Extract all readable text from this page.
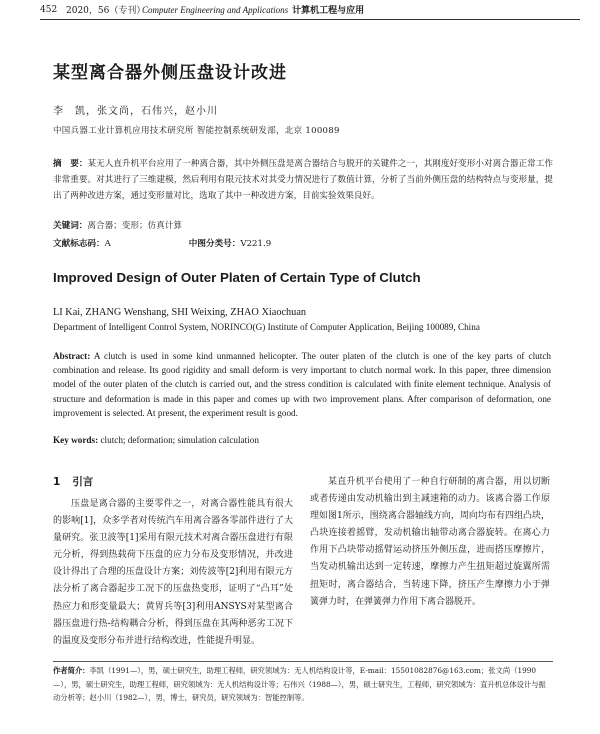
452 2020，56（专刊）
Computer Engineering and Applications 计算机工程与应用
某型离合器外侧压盘设计改进
李　凯，张文尚，石伟兴，赵小川
中国兵器工业计算机应用技术研究所 智能控制系统研发部，北京 100089
摘　要：某无人直升机平台应用了一种离合器，其中外侧压盘是离合器结合与脱开的关键件之一，其刚度好变形小对离合器正常工作非常重要。对其进行了三维建模，然后利用有限元技术对其受力情况进行了数值计算，分析了当前外侧压盘的结构特点与变形量，提出了两种改进方案，通过变形量对比，选取了其中一种改进方案，目前实验效果良好。
关键词：离合器；变形；仿真计算
文献标志码：A	中图分类号：V221.9
Improved Design of Outer Platen of Certain Type of Clutch
LI Kai, ZHANG Wenshang, SHI Weixing, ZHAO Xiaochuan
Department of Intelligent Control System, NORINCO(G) Institute of Computer Application, Beijing 100089, China
Abstract: A clutch is used in some kind unmanned helicopter. The outer platen of the clutch is one of the key parts of clutch combination and release. Its good rigidity and small deform is very important to clutch normal work. In this paper, three dimension model of the outer platen of the clutch is carried out, and the stress condition is calculated with finite element technique. Analysis of structure and deformation is made in this paper and comes up with two improvement plans. After comparison of deformation, one improvement is selected. At present, the experiment result is good.
Key words: clutch; deformation; simulation calculation
1 引言

压盘是离合器的主要零件之一，对离合器性能具有很大的影响[1]，众多学者对传统汽车用离合器各零部件进行了大量研究。张卫波等[1]采用有限元技术对离合器压盘进行有限元分析，得到热载荷下压盘的应力分布及变形情况，并改进设计得出了合理的压盘设计方案；刘传波等[2]利用有限元方法分析了离合器起步工况下的压盘热变形，证明了“凸耳”处热应力和形变量最大；黄胃兵等[3]利用ANSYS对某型离合器压盘进行热-结构耦合分析，得到压盘在其两种恶劣工况下的温度及变形分布并进行结构改进，性能提升明显。

某直升机平台使用了一种自行研制的离合器，用以切断或者传递由发动机输出到主减速箱的动力。该离合器工作原理如图1所示，围绕离合器轴线方向，周向均布有四组凸块，凸块连接着摇臂，发动机输出轴带动离合器旋转。在离心力作用下凸块带动摇臂运动挤压外侧压盘，进而搭压摩擦片，当发动机输出达到一定转速，摩擦力产生扭矩超过旋翼所需扭矩时，离合器结合，当转速下降，挤压产生摩擦力小于弹簧弹力时，在弹簧弹力作用下离合器脱开。

作者简介：李凯（1991—），男，硕士研究生，助理工程师，研究领域为：无人机结构设计等，E-mail：15501082876@163.com；张文尚（1990—），男，硕士研究生，助理工程师，研究领域为：无人机结构设计等；石伟兴（1988—），男，硕士研究生，工程师，研究领域为：直升机总体设计与振动分析等；赵小川（1982—），男，博士，研究员，研究领域为：智能控制等。
